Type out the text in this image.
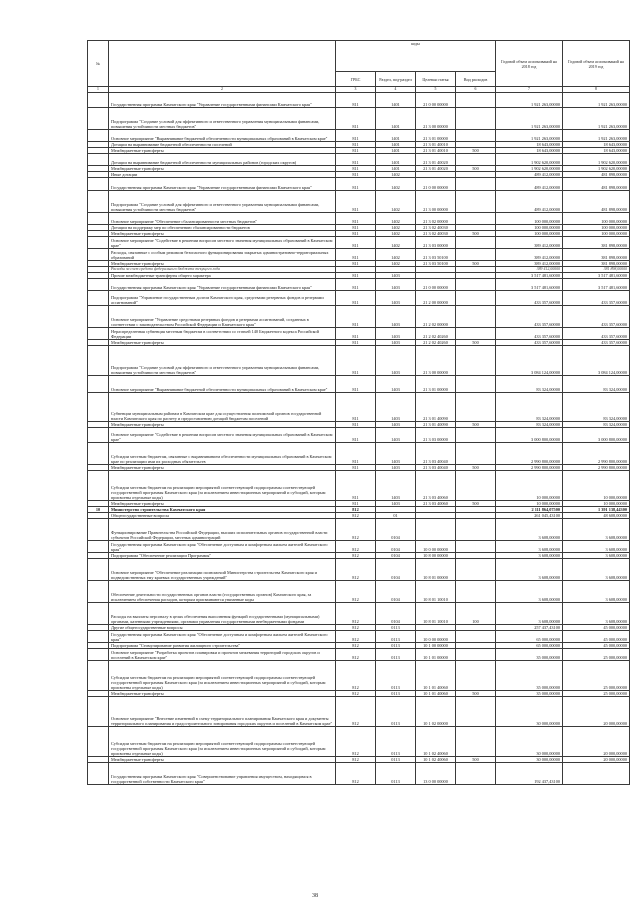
№		коды				Годовой объем ассигнований на 2018 год	Годовой объем ассигнований на 2019 год
		ГРБС	Раздел, под-раздел	Целевая статья	Вид расходов		
1	2	3	4	5	6	7	8
	Государственная программа Камчатского края "Управление государственными финансами Камчатского края"	811	1401	21 0 00 00000		1 921 263,00000	1 921 263,00000
	Подпрограмма "Создание условий для эффективного и ответственного управления муниципальными финансами, повышения устойчивости местных бюджетов"	811	1401	21 3 00 00000		1 921 263,00000	1 921 263,00000
	Основное мероприятие "Выравнивание бюджетной обеспеченности муниципальных образований в Камчатском крае"	811	1401	21 3 01 00000		1 921 263,00000	1 921 263,00000
	Дотации на выравнивание бюджетной обеспеченности поселений	811	1401	21 3 01 40010		18 643,00000	18 643,00000
	Межбюджетные трансферты	811	1401	21 3 01 40010	500	18 643,00000	18 643,00000
	Дотации на выравнивание бюджетной обеспеченности муниципальных районов (городских округов)	811	1401	21 3 01 40020		1 902 620,00000	1 902 620,00000
	Межбюджетные трансферты	811	1401	21 3 01 40020	500	1 902 620,00000	1 902 620,00000
	Иные дотации	811	1402			489 412,00000	481 898,00000
	Государственная программа Камчатского края "Управление государственными финансами Камчатского края"	811	1402	21 0 00 00000		489 412,00000	481 898,00000
	Подпрограмма "Создание условий для эффективного и ответственного управления муниципальными финансами, повышения устойчивости местных бюджетов"	811	1402	21 3 00 00000		489 412,00000	481 898,00000
	Основное мероприятие "Обеспечение сбалансированности местных бюджетов"	811	1402	21 3 02 00000		100 000,00000	100 000,00000
	Дотации на поддержку мер по обеспечению сбалансированности бюджетов	811	1402	21 3 02 40030		100 000,00000	100 000,00000
	Межбюджетные трансферты	811	1402	21 3 02 40030	500	100 000,00000	100 000,00000
	Основное мероприятие "Содействие в решении вопросов местного значения муниципальных образований в Камчатском крае"	811	1402	21 3 03 00000		389 412,00000	381 898,00000
	Расходы, связанные с особым режимом безопасного функционирования закрытых административно-территориальных образований	811	1402	21 3 03 50100		389 412,00000	381 898,00000
	Межбюджетные трансферты	811	1402	21 3 03 50100	500	389 412,00000	381 898,00000
	Расходы за счет средств федерального бюджета текущего года					389 412,00000	381 898,00000
	Прочие межбюджетные трансферты общего характера	811	1403			3 517 481,60000	3 517 481,60000
	Государственная программа Камчатского края "Управление государственными финансами Камчатского края"	811	1403	21 0 00 00000		3 517 481,60000	3 517 481,60000
	Подпрограмма "Управление государственным долгом Камчатского края, средствами резервных фондов и резервами ассигнований"	811	1403	21 2 00 00000		433 357,60000	433 357,60000
	Основное мероприятие "Управление средствами резервных фондов и резервами ассигнований, созданных в соответствии с законодательством Российской Федерации и Камчатского края"	811	1403	21 2 02 00000		433 357,60000	433 357,60000
	Нераспределенная субвенция местным бюджетам в соответствии со статьей 140 Бюджетного кодекса Российской Федерации	811	1403	21 2 02 40260		433 357,60000	433 357,60000
	Межбюджетные трансферты	811	1403	21 2 02 40260	500	433 357,60000	433 357,60000
	Подпрограмма "Создание условий для эффективного и ответственного управления муниципальными финансами, повышения устойчивости местных бюджетов"	811	1403	21 3 00 00000		3 084 124,00000	3 084 124,00000
	Основное мероприятие "Выравнивание бюджетной обеспеченности муниципальных образований в Камчатском крае"	811	1403	21 3 01 00000		83 324,00000	83 324,00000
	Субвенции муниципальным районам в Камчатском крае для осуществления полномочий органов государственной власти Камчатского края по расчету и предоставлению дотаций бюджетам поселений	811	1403	21 3 01 40090		83 324,00000	83 324,00000
	Межбюджетные трансферты	811	1403	21 3 01 40090	500	83 324,00000	83 324,00000
	Основное мероприятие "Содействие в решении вопросов местного значения муниципальных образований в Камчатском крае"	811	1403	21 3 03 00000		3 000 800,00000	3 000 800,00000
	Субсидии местным бюджетам, связанные с выравниванием обеспеченности муниципальных образований в Камчатском крае по реализации ими их расходных обязательств	811	1403	21 3 03 40040		2 990 800,00000	2 990 800,00000
	Межбюджетные трансферты	811	1403	21 3 03 40040	500	2 990 800,00000	2 990 800,00000
	Субсидии местным бюджетам на реализацию мероприятий соответствующей подпрограммы соответствующей государственной программы Камчатского края (за исключением инвестиционных мероприятий и субсидий, которым присвоены отдельные коды)	811	1403	21 3 03 40060		10 000,00000	10 000,00000
	Межбюджетные трансферты	811	1403	21 3 03 40060	500	10 000,00000	10 000,00000
10	Министерство строительства Камчатского края	812				2 111 864,07500	1 391 138,44300
	Общегосударственные вопросы	812	01			261 045,43100	48 608,00000
	Функционирование Правительства Российской Федерации, высших исполнительных органов государственной власти субъектов Российской Федерации, местных администраций	812	0104			3 608,00000	3 608,00000
	Государственная программа Камчатского края "Обеспечение доступным и комфортным жильем жителей Камчатского края"	812	0104	10 0 00 00000		3 608,00000	3 608,00000
	Подпрограмма "Обеспечение реализации Программы"	812	0104	10 8 00 00000		3 608,00000	3 608,00000
	Основное мероприятие "Обеспечение реализации полномочий Министерства строительства Камчатского края и подведомственных ему краевых государственных учреждений"	812	0104	10 8 01 00000		3 608,00000	3 608,00000
	Обеспечение деятельности государственных органов власти (государственных органов) Камчатского края, за исключением обеспечения расходов, которым присваиваются увязанные коды	812	0104	10 8 01 10010		3 608,00000	3 608,00000
	Расходы на выплаты персоналу в целях обеспечения выполнения функций государственными (муниципальными) органами, казенными учреждениями, органами управления государственными внебюджетными фондами	812	0104	10 8 01 10010	100	3 608,00000	3 608,00000
	Другие общегосударственные вопросы	812	0113			257 437,43100	45 000,00000
	Государственная программа Камчатского края "Обеспечение доступным и комфортным жильем жителей Камчатского края"	812	0113	10 0 00 00000		65 000,00000	45 000,00000
	Подпрограмма "Стимулирование развития жилищного строительства"	812	0113	10 1 00 00000		65 000,00000	45 000,00000
	Основное мероприятие "Разработка проектов планировки и проектов межевания территорий городских округов и поселений в Камчатском крае"	812	0113	10 1 01 00000		35 000,00000	25 000,00000
	Субсидии местным бюджетам на реализацию мероприятий соответствующей подпрограммы соответствующей государственной программы Камчатского края (за исключением инвестиционных мероприятий и субсидий, которым присвоены отдельные коды)	812	0113	10 1 01 40060		35 000,00000	25 000,00000
	Межбюджетные трансферты	812	0113	10 1 01 40060	500	35 000,00000	25 000,00000
	Основное мероприятие "Внесение изменений в схему территориального планирования Камчатского края и документы территориального планирования и градостроительного зонирования городских округов и поселений в Камчатском крае"	812	0113	10 1 02 00000		30 000,00000	20 000,00000
	Субсидии местным бюджетам на реализацию мероприятий соответствующей подпрограммы соответствующей государственной программы Камчатского края (за исключением инвестиционных мероприятий и субсидий, которым присвоены отдельные коды)	812	0113	10 1 02 40060		30 000,00000	20 000,00000
	Межбюджетные трансферты	812	0113	10 1 02 40060	500	30 000,00000	20 000,00000
	Государственная программа Камчатского края "Совершенствование управления имуществом, находящимся в государственной собственности Камчатского края"	812	0113	13 0 00 00000		192 437,43100	
38
